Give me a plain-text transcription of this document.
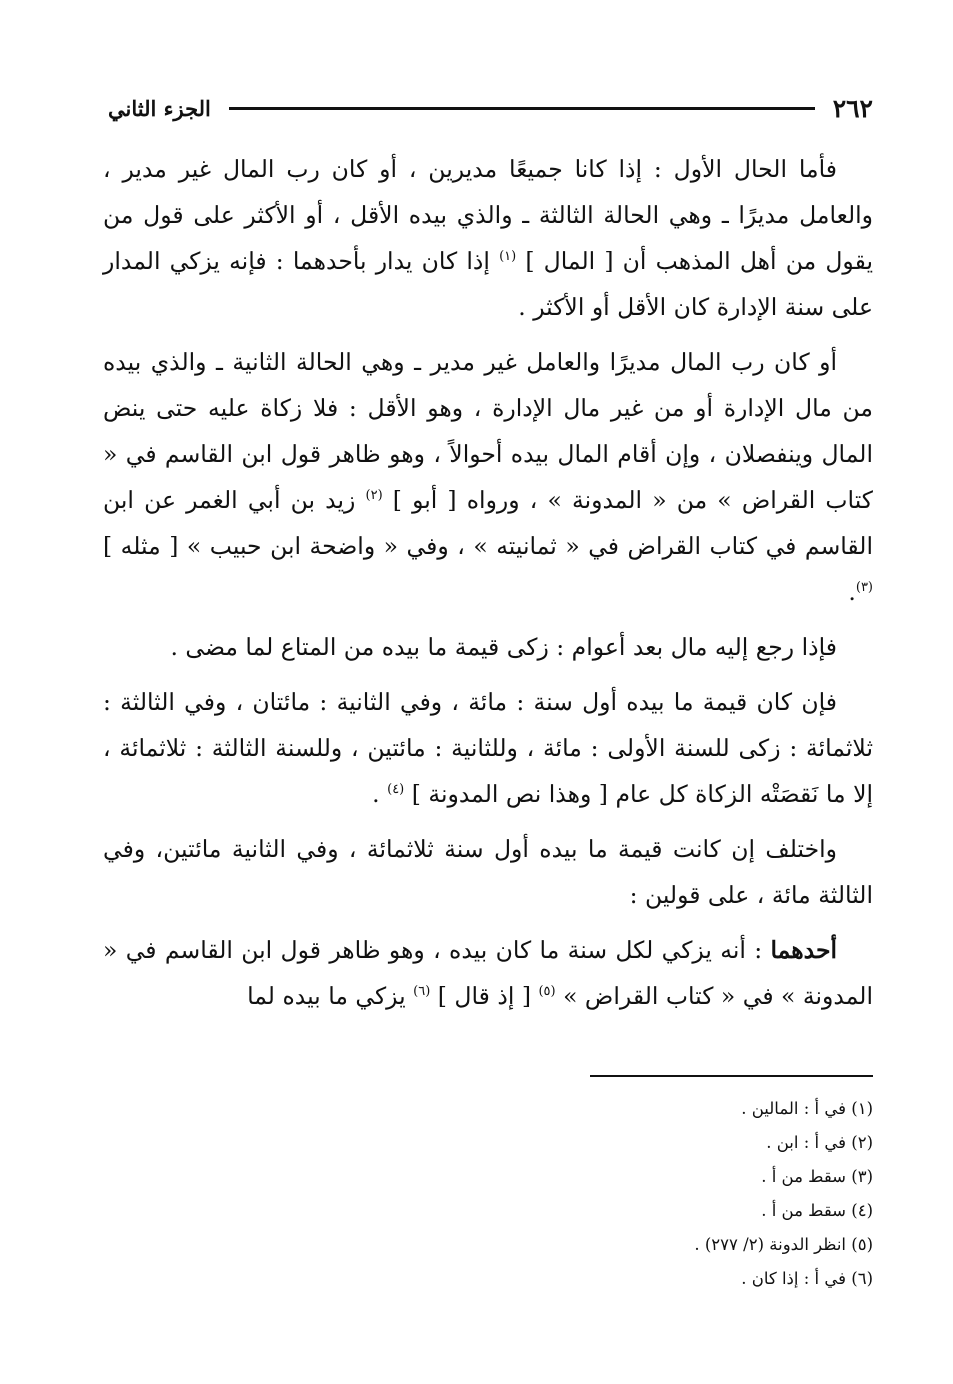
٢٦٢
الجزء الثاني

فأما الحال الأول : إذا كانا جميعًا مديرين ، أو كان رب المال غير مدير ، والعامل مديرًا ـ وهي الحالة الثالثة ـ والذي بيده الأقل ، أو الأكثر على قول من يقول من أهل المذهب أن [ المال ] $^{(١)}$ إذا كان يدار بأحدهما : فإنه يزكي المدار على سنة الإدارة كان الأقل أو الأكثر .

أو كان رب المال مديرًا والعامل غير مدير ـ وهي الحالة الثانية ـ والذي بيده من مال الإدارة أو من غير مال الإدارة ، وهو الأقل : فلا زكاة عليه حتى ينض المال وينفصلان ، وإن أقام المال بيده أحوالاً ، وهو ظاهر قول ابن القاسم في « كتاب القراض » من « المدونة » ، ورواه [ أبو ] $^{(٢)}$ زيد بن أبي الغمر عن ابن القاسم في كتاب القراض في « ثمانيته » ، وفي « واضحة ابن حبيب » [ مثله ] $^{(٣)}$.

فإذا رجع إليه مال بعد أعوام : زكى قيمة ما بيده من المتاع لما مضى .

فإن كان قيمة ما بيده أول سنة : مائة ، وفي الثانية : مائتان ، وفي الثالثة : ثلاثمائة : زكى للسنة الأولى : مائة ، وللثانية : مائتين ، وللسنة الثالثة : ثلاثمائة ، إلا ما نَقصَتْه الزكاة كل عام [ وهذا نص المدونة ] $^{(٤)}$ .

واختلف إن كانت قيمة ما بيده أول سنة ثلاثمائة ، وفي الثانية مائتين، وفي الثالثة مائة ، على قولين :

أحدهما : أنه يزكي لكل سنة ما كان بيده ، وهو ظاهر قول ابن القاسم في « المدونة » في « كتاب القراض » $^{(٥)}$ [ إذ قال ] $^{(٦)}$ يزكي ما بيده لما

(١) في أ : المالين .
(٢) في أ : ابن .
(٣) سقط من أ .
(٤) سقط من أ .
(٥) انظر الدونة (٢/ ٢٧٧) .
(٦) في أ : إذا كان .
